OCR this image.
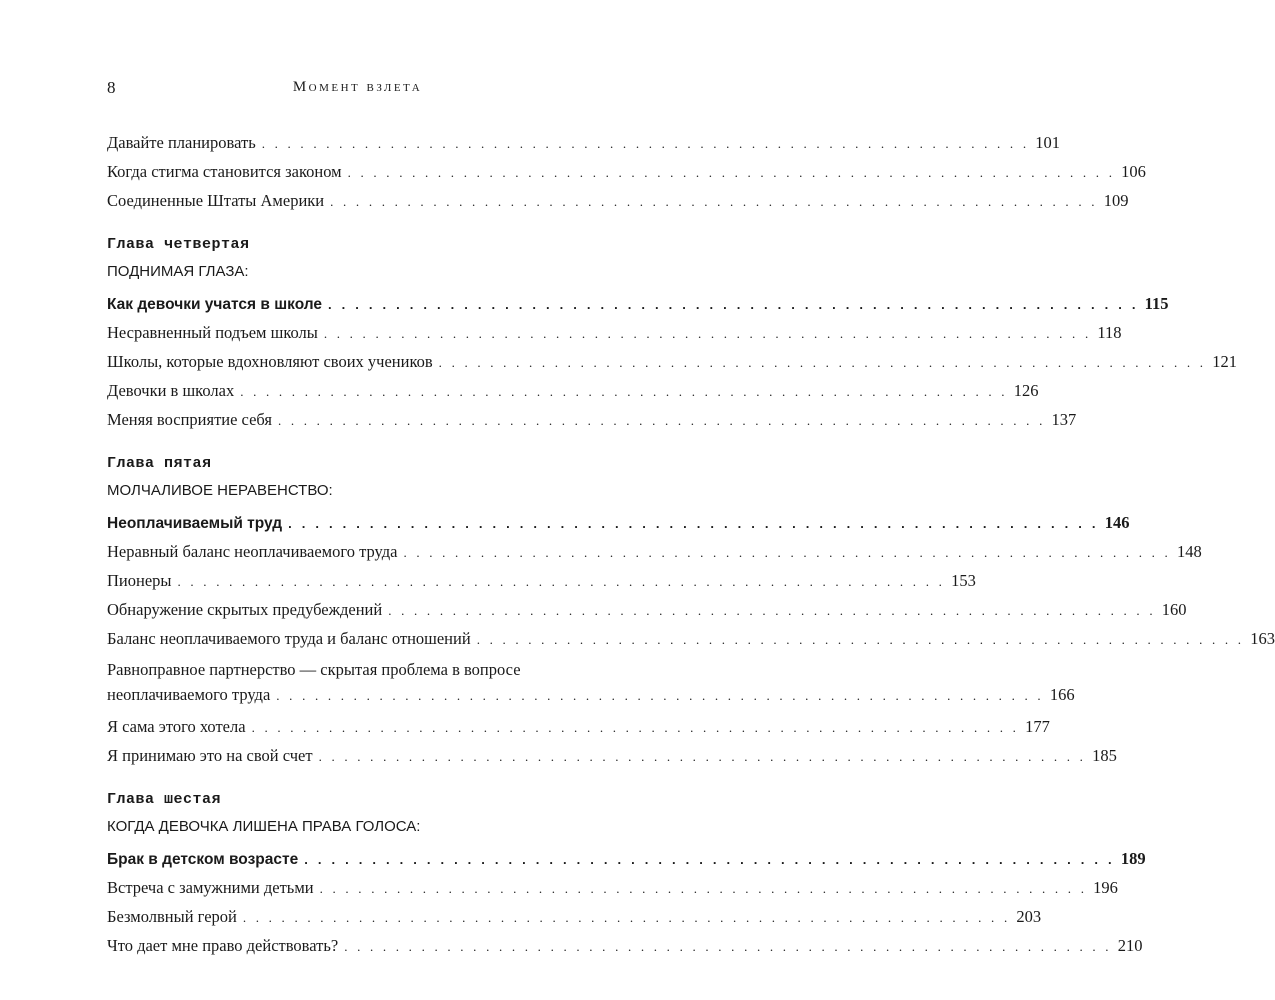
8	Момент взлета
Давайте планировать . . . . . . . . . . . . . . . . . . . . . . . . . . . . . . . . . . . . . . . . . . . . . . . . . . . . . . . . . . . . 101
Когда стигма становится законом . . . . . . . . . . . . . . . . . . . . . . . . . . . . . . . . . . . . . . . . . . . . . . . . . . . . . . . . . . . . 106
Соединенные Штаты Америки . . . . . . . . . . . . . . . . . . . . . . . . . . . . . . . . . . . . . . . . . . . . . . . . . . . . . . . . . . . . 109
Глава четвертая
ПОДНИМАЯ ГЛАЗА:
Как девочки учатся в школе . . . . . . . . . . . . . . . . . . . . . . . . . . . . . . . . . . . . . . . . . . . . . . . . . . . . . . . . . . . . 115
Несравненный подъем школы . . . . . . . . . . . . . . . . . . . . . . . . . . . . . . . . . . . . . . . . . . . . . . . . . . . . . . . . . . . . 118
Школы, которые вдохновляют своих учеников . . . . . . . . . . . . . . . . . . . . . . . . . . . . . . . . . . . . . . . . . . . . . . . . . . . . . . . . . . . . 121
Девочки в школах . . . . . . . . . . . . . . . . . . . . . . . . . . . . . . . . . . . . . . . . . . . . . . . . . . . . . . . . . . . . 126
Меняя восприятие себя . . . . . . . . . . . . . . . . . . . . . . . . . . . . . . . . . . . . . . . . . . . . . . . . . . . . . . . . . . . . 137
Глава пятая
МОЛЧАЛИВОЕ НЕРАВЕНСТВО:
Неоплачиваемый труд . . . . . . . . . . . . . . . . . . . . . . . . . . . . . . . . . . . . . . . . . . . . . . . . . . . . . . . . . . . . 146
Неравный баланс неоплачиваемого труда . . . . . . . . . . . . . . . . . . . . . . . . . . . . . . . . . . . . . . . . . . . . . . . . . . . . . . . . . . . . 148
Пионеры . . . . . . . . . . . . . . . . . . . . . . . . . . . . . . . . . . . . . . . . . . . . . . . . . . . . . . . . . . . . 153
Обнаружение скрытых предубеждений . . . . . . . . . . . . . . . . . . . . . . . . . . . . . . . . . . . . . . . . . . . . . . . . . . . . . . . . . . . . 160
Баланс неоплачиваемого труда и баланс отношений . . . . . . . . . . . . . . . . . . . . . . . . . . . . . . . . . . . . . . . . . . . . . . . . . . . . . . . . . . . . 163
Равноправное партнерство — скрытая проблема в вопросе
неоплачиваемого труда . . . . . . . . . . . . . . . . . . . . . . . . . . . . . . . . . . . . . . . . . . . . . . . . . . . . . . . . . . . . 166
Я сама этого хотела . . . . . . . . . . . . . . . . . . . . . . . . . . . . . . . . . . . . . . . . . . . . . . . . . . . . . . . . . . . . 177
Я принимаю это на свой счет . . . . . . . . . . . . . . . . . . . . . . . . . . . . . . . . . . . . . . . . . . . . . . . . . . . . . . . . . . . . 185
Глава шестая
КОГДА ДЕВОЧКА ЛИШЕНА ПРАВА ГОЛОСА:
Брак в детском возрасте . . . . . . . . . . . . . . . . . . . . . . . . . . . . . . . . . . . . . . . . . . . . . . . . . . . . . . . . . . . . 189
Встреча с замужними детьми . . . . . . . . . . . . . . . . . . . . . . . . . . . . . . . . . . . . . . . . . . . . . . . . . . . . . . . . . . . . 196
Безмолвный герой . . . . . . . . . . . . . . . . . . . . . . . . . . . . . . . . . . . . . . . . . . . . . . . . . . . . . . . . . . . . 203
Что дает мне право действовать? . . . . . . . . . . . . . . . . . . . . . . . . . . . . . . . . . . . . . . . . . . . . . . . . . . . . . . . . . . . . 210
